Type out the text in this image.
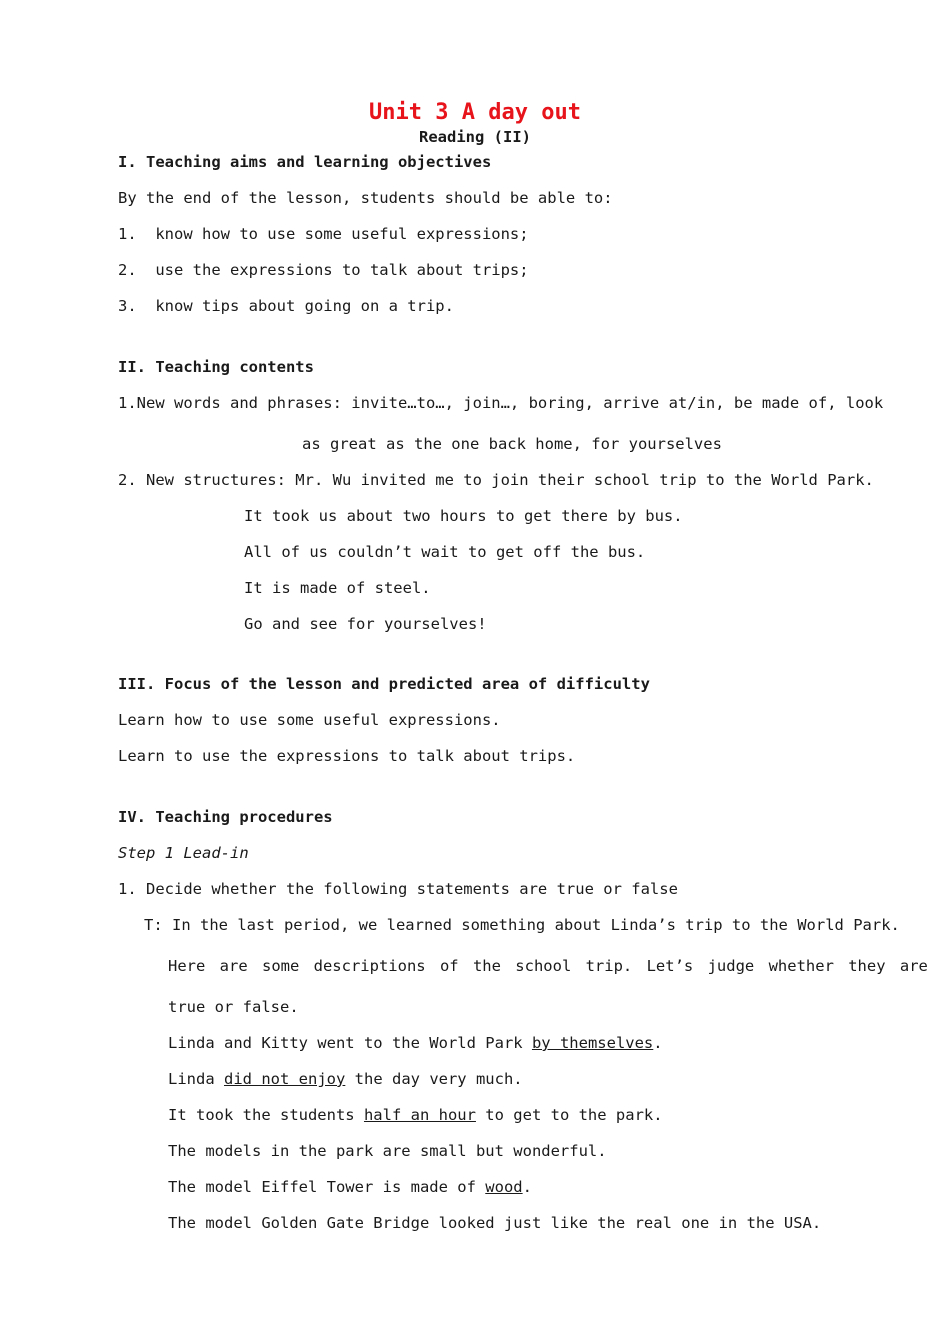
Unit 3 A day out
Reading (II)
I. Teaching aims and learning objectives
By the end of the lesson, students should be able to:
1.  know how to use some useful expressions;
2.  use the expressions to talk about trips;
3.  know tips about going on a trip.
II. Teaching contents
1.New words and phrases: invite…to…, join…, boring, arrive at/in, be made of, look
as great as the one back home, for yourselves
2. New structures: Mr. Wu invited me to join their school trip to the World Park.
It took us about two hours to get there by bus.
All of us couldn’t wait to get off the bus.
It is made of steel.
Go and see for yourselves!
III. Focus of the lesson and predicted area of difficulty
Learn how to use some useful expressions.
Learn to use the expressions to talk about trips.
IV. Teaching procedures
Step 1 Lead-in
1. Decide whether the following statements are true or false
T: In the last period, we learned something about Linda’s trip to the World Park.
Here are some descriptions of the school trip. Let’s judge whether they are
true or false.
Linda and Kitty went to the World Park by themselves.
Linda did not enjoy the day very much.
It took the students half an hour to get to the park.
The models in the park are small but wonderful.
The model Eiffel Tower is made of wood.
The model Golden Gate Bridge looked just like the real one in the USA.
